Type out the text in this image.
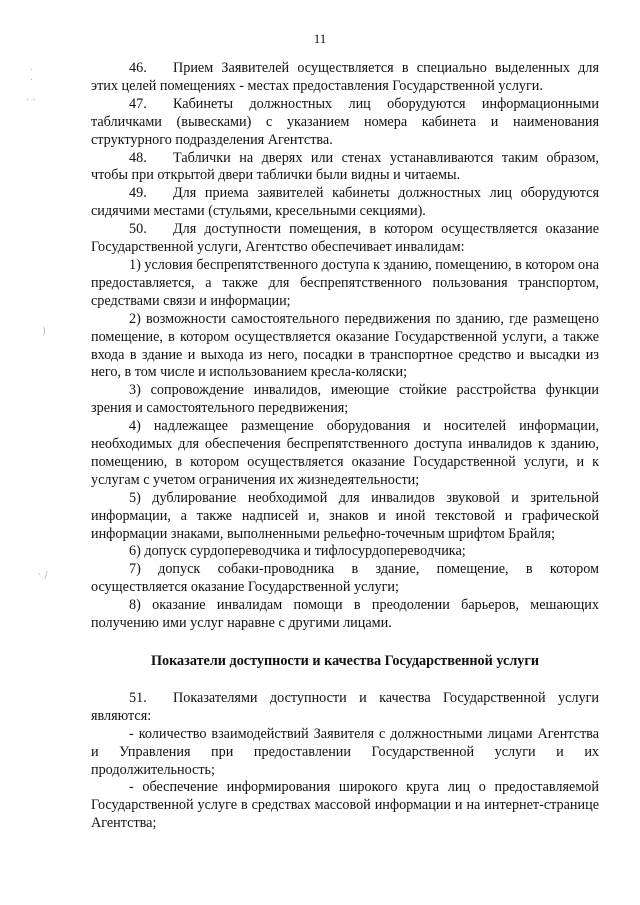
·
·
· ·
)
· /
11

46. Прием Заявителей осуществляется в специально выделенных для этих целей помещениях - местах предоставления Государственной услуги.

47. Кабинеты должностных лиц оборудуются информационными табличками (вывесками) с указанием номера кабинета и наименования структурного подразделения Агентства.

48. Таблички на дверях или стенах устанавливаются таким образом, чтобы при открытой двери таблички были видны и читаемы.

49. Для приема заявителей кабинеты должностных лиц оборудуются сидячими местами (стульями, кресельными секциями).

50. Для доступности помещения, в котором осуществляется оказание Государственной услуги, Агентство обеспечивает инвалидам:

1) условия беспрепятственного доступа к зданию, помещению, в котором она предоставляется, а также для беспрепятственного пользования транспортом, средствами связи и информации;

2) возможности самостоятельного передвижения по зданию, где размещено помещение, в котором осуществляется оказание Государственной услуги, а также входа в здание и выхода из него, посадки в транспортное средство и высадки из него, в том числе и использованием кресла-коляски;

3) сопровождение инвалидов, имеющие стойкие расстройства функции зрения и самостоятельного передвижения;

4) надлежащее размещение оборудования и носителей информации, необходимых для обеспечения беспрепятственного доступа инвалидов к зданию, помещению, в котором осуществляется оказание Государственной услуги, и к услугам с учетом ограничения их жизнедеятельности;

5) дублирование необходимой для инвалидов звуковой и зрительной информации, а также надписей и, знаков и иной текстовой и графической информации знаками, выполненными рельефно-точечным шрифтом Брайля;

6) допуск сурдопереводчика и тифлосурдопереводчика;

7) допуск собаки-проводника в здание, помещение, в котором осуществляется оказание Государственной услуги;

8) оказание инвалидам помощи в преодолении барьеров, мешающих получению ими услуг наравне с другими лицами.

Показатели доступности и качества Государственной услуги

51. Показателями доступности и качества Государственной услуги являются:

- количество взаимодействий Заявителя с должностными лицами Агентства и Управления при предоставлении Государственной услуги и их продолжительность;

- обеспечение информирования широкого круга лиц о предоставляемой Государственной услуге в средствах массовой информации и на интернет-странице Агентства;
